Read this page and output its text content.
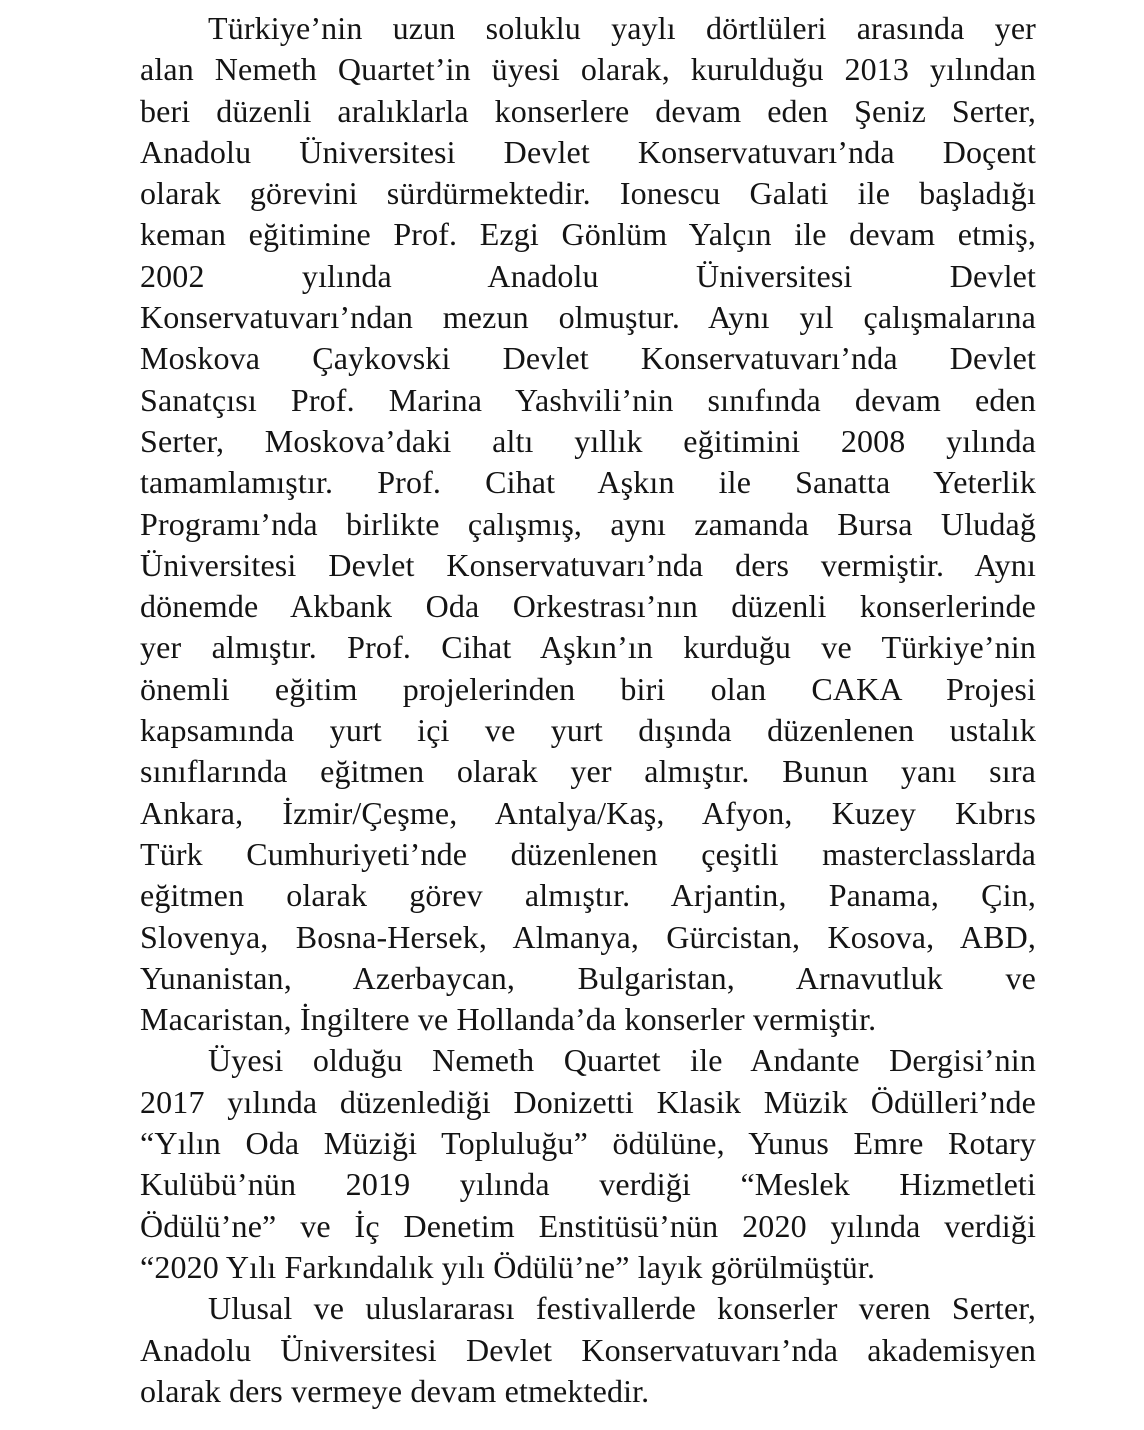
Türkiye’nin uzun soluklu yaylı dörtlüleri arasında yer
alan Nemeth Quartet’in üyesi olarak, kurulduğu 2013 yılından
beri düzenli aralıklarla konserlere devam eden Şeniz Serter,
Anadolu Üniversitesi Devlet Konservatuvarı’nda Doçent
olarak görevini sürdürmektedir. Ionescu Galati ile başladığı
keman eğitimine Prof. Ezgi Gönlüm Yalçın ile devam etmiş,
2002 yılında Anadolu Üniversitesi Devlet
Konservatuvarı’ndan mezun olmuştur. Aynı yıl çalışmalarına
Moskova Çaykovski Devlet Konservatuvarı’nda Devlet
Sanatçısı Prof. Marina Yashvili’nin sınıfında devam eden
Serter, Moskova’daki altı yıllık eğitimini 2008 yılında
tamamlamıştır. Prof. Cihat Aşkın ile Sanatta Yeterlik
Programı’nda birlikte çalışmış, aynı zamanda Bursa Uludağ
Üniversitesi Devlet Konservatuvarı’nda ders vermiştir. Aynı
dönemde Akbank Oda Orkestrası’nın düzenli konserlerinde
yer almıştır. Prof. Cihat Aşkın’ın kurduğu ve Türkiye’nin
önemli eğitim projelerinden biri olan CAKA Projesi
kapsamında yurt içi ve yurt dışında düzenlenen ustalık
sınıflarında eğitmen olarak yer almıştır. Bunun yanı sıra
Ankara, İzmir/Çeşme, Antalya/Kaş, Afyon, Kuzey Kıbrıs
Türk Cumhuriyeti’nde düzenlenen çeşitli masterclasslarda
eğitmen olarak görev almıştır. Arjantin, Panama, Çin,
Slovenya, Bosna-Hersek, Almanya, Gürcistan, Kosova, ABD,
Yunanistan, Azerbaycan, Bulgaristan, Arnavutluk ve
Macaristan, İngiltere ve Hollanda’da konserler vermiştir.
Üyesi olduğu Nemeth Quartet ile Andante Dergisi’nin
2017 yılında düzenlediği Donizetti Klasik Müzik Ödülleri’nde
“Yılın Oda Müziği Topluluğu” ödülüne, Yunus Emre Rotary
Kulübü’nün 2019 yılında verdiği “Meslek Hizmetleti
Ödülü’ne” ve İç Denetim Enstitüsü’nün 2020 yılında verdiği
“2020 Yılı Farkındalık yılı Ödülü’ne” layık görülmüştür.
Ulusal ve uluslararası festivallerde konserler veren Serter,
Anadolu Üniversitesi Devlet Konservatuvarı’nda akademisyen
olarak ders vermeye devam etmektedir.
